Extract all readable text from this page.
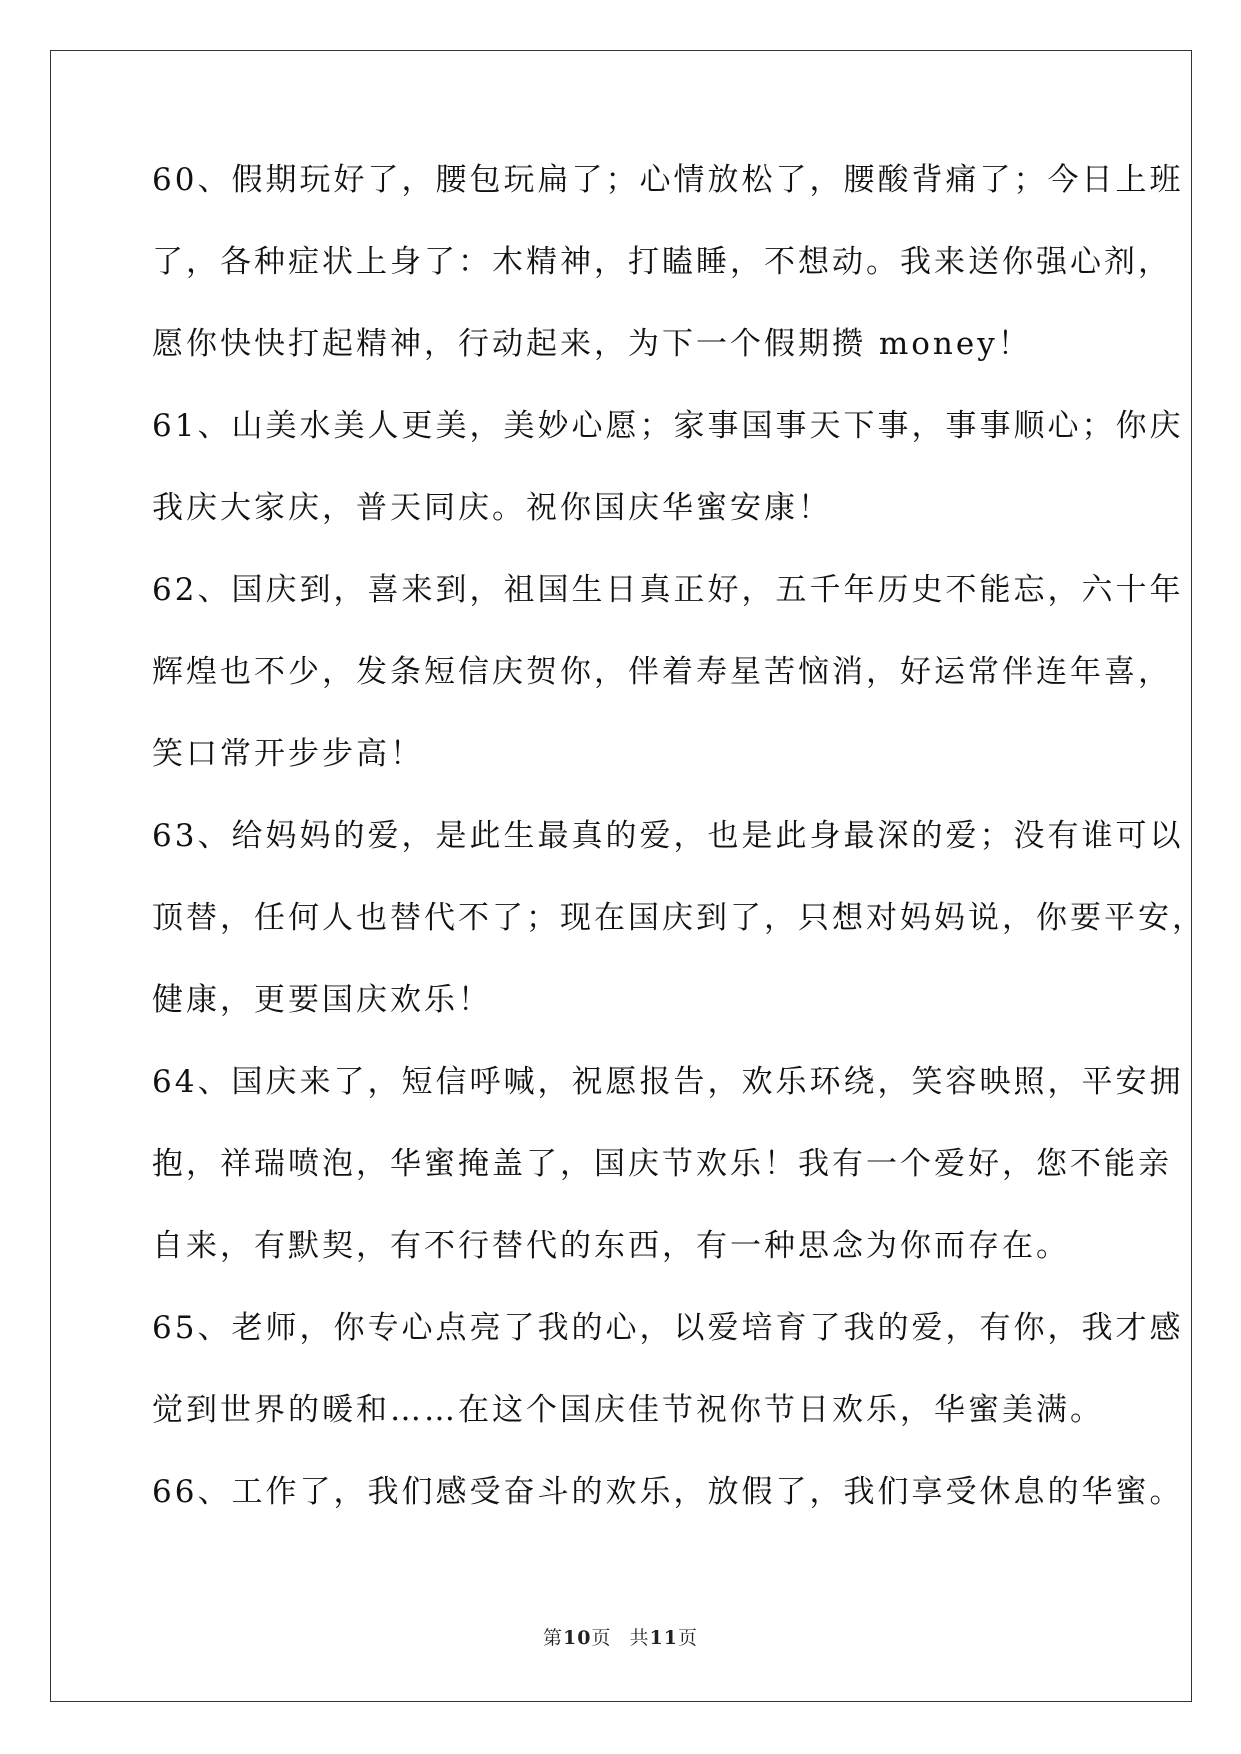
60、假期玩好了，腰包玩扁了；心情放松了，腰酸背痛了；今日上班
了，各种症状上身了：木精神，打瞌睡，不想动。我来送你强心剂，
愿你快快打起精神，行动起来，为下一个假期攒 money！
61、山美水美人更美，美妙心愿；家事国事天下事，事事顺心；你庆
我庆大家庆，普天同庆。祝你国庆华蜜安康！
62、国庆到，喜来到，祖国生日真正好，五千年历史不能忘，六十年
辉煌也不少，发条短信庆贺你，伴着寿星苦恼消，好运常伴连年喜，
笑口常开步步高！
63、给妈妈的爱，是此生最真的爱，也是此身最深的爱；没有谁可以
顶替，任何人也替代不了；现在国庆到了，只想对妈妈说，你要平安，
健康，更要国庆欢乐！
64、国庆来了，短信呼喊，祝愿报告，欢乐环绕，笑容映照，平安拥
抱，祥瑞喷泡，华蜜掩盖了，国庆节欢乐！我有一个爱好，您不能亲
自来，有默契，有不行替代的东西，有一种思念为你而存在。
65、老师，你专心点亮了我的心，以爱培育了我的爱，有你，我才感
觉到世界的暖和……在这个国庆佳节祝你节日欢乐，华蜜美满。
66、工作了，我们感受奋斗的欢乐，放假了，我们享受休息的华蜜。
第10页 共11页
